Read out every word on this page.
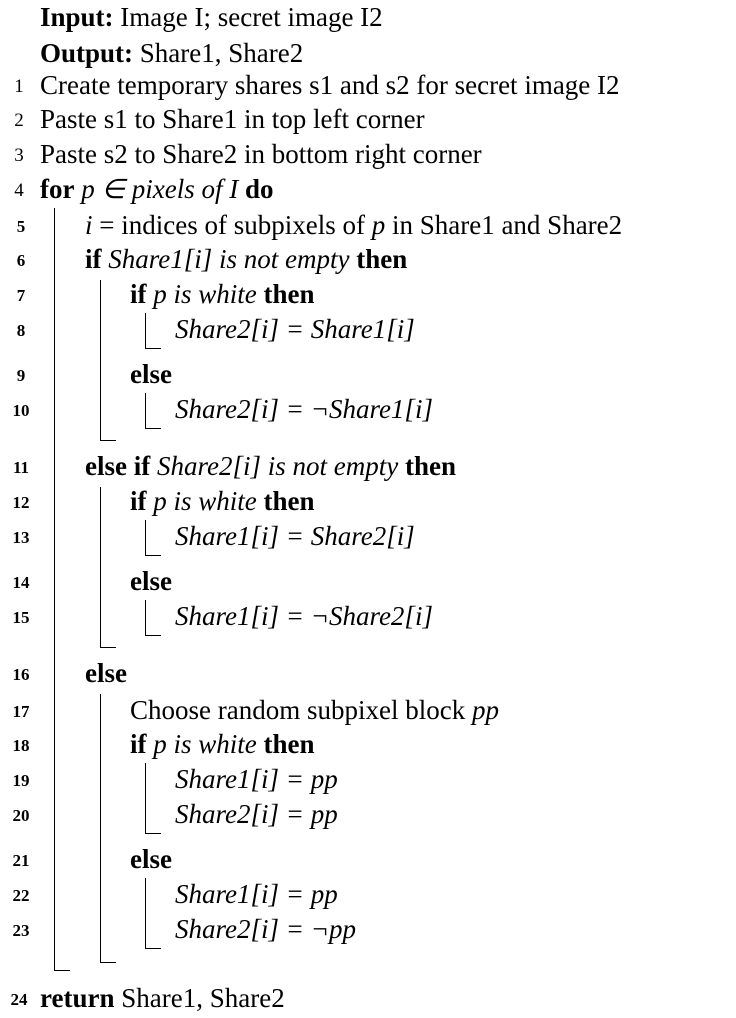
Input: Image I; secret image I2
Output: Share1, Share2
1 Create temporary shares s1 and s2 for secret image I2
2 Paste s1 to Share1 in top left corner
3 Paste s2 to Share2 in bottom right corner
4 for p ∈ pixels of I do
5	i = indices of subpixels of p in Share1 and Share2
6	if Share1[i] is not empty then
7	if p is white then
8	Share2[i] = Share1[i]
9	else
10	Share2[i] = ¬Share1[i]
11 else if Share2[i] is not empty then
12	if p is white then
13	Share1[i] = Share2[i]
14	else
15	Share1[i] = ¬Share2[i]
16 else
17	Choose random subpixel block pp
18	if p is white then
19	Share1[i] = pp
20	Share2[i] = pp
21	else
22	Share1[i] = pp
23	Share2[i] = ¬pp
24 return Share1, Share2
